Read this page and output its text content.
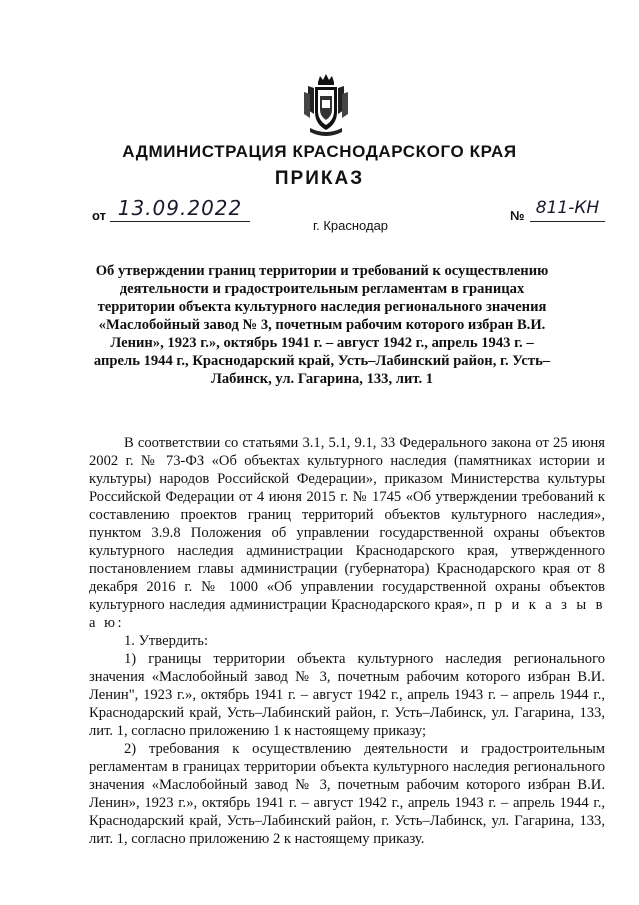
АДМИНИСТРАЦИЯ КРАСНОДАРСКОГО КРАЯ
ПРИКАЗ
от 13.09.2022	№ 811-КН
г. Краснодар
Об утверждении границ территории и требований к осуществлению деятельности и градостроительным регламентам в границах территории объекта культурного наследия регионального значения «Маслобойный завод № 3, почетным рабочим которого избран В.И. Ленин», 1923 г.», октябрь 1941 г. – август 1942 г., апрель 1943 г. – апрель 1944 г., Краснодарский край, Усть–Лабинский район, г. Усть–Лабинск, ул. Гагарина, 133, лит. 1

В соответствии со статьями 3.1, 5.1, 9.1, 33 Федерального закона от 25 июня 2002 г. № 73-ФЗ «Об объектах культурного наследия (памятниках истории и культуры) народов Российской Федерации», приказом Министерства культуры Российской Федерации от 4 июня 2015 г. № 1745 «Об утверждении требований к составлению проектов границ территорий объектов культурного наследия», пунктом 3.9.8 Положения об управлении государственной охраны объектов культурного наследия администрации Краснодарского края, утвержденного постановлением главы администрации (губернатора) Краснодарского края от 8 декабря 2016 г. № 1000 «Об управлении государственной охраны объектов культурного наследия администрации Краснодарского края», п р и к а з ы в а ю:

1. Утвердить:

1) границы территории объекта культурного наследия регионального значения «Маслобойный завод № 3, почетным рабочим которого избран В.И. Ленин", 1923 г.», октябрь 1941 г. – август 1942 г., апрель 1943 г. – апрель 1944 г., Краснодарский край, Усть–Лабинский район, г. Усть–Лабинск, ул. Гагарина, 133, лит. 1, согласно приложению 1 к настоящему приказу;

2) требования к осуществлению деятельности и градостроительным регламентам в границах территории объекта культурного наследия регионального значения «Маслобойный завод № 3, почетным рабочим которого избран В.И. Ленин», 1923 г.», октябрь 1941 г. – август 1942 г., апрель 1943 г. – апрель 1944 г., Краснодарский край, Усть–Лабинский район, г. Усть–Лабинск, ул. Гагарина, 133, лит. 1, согласно приложению 2 к настоящему приказу.
